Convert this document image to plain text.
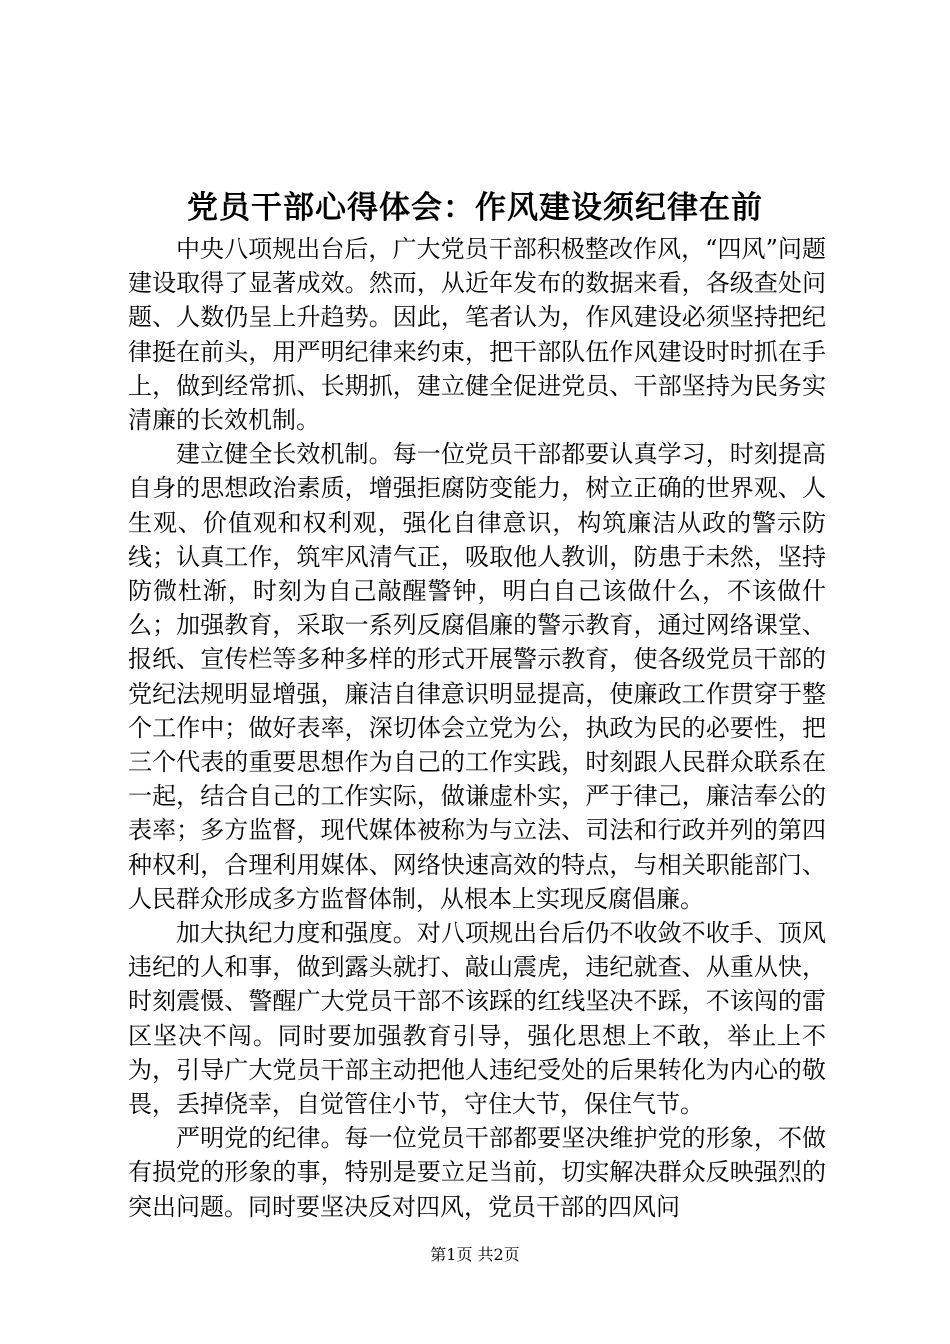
党员干部心得体会：作风建设须纪律在前

中央八项规出台后，广大党员干部积极整改作风，“四风”问题建设取得了显著成效。然而，从近年发布的数据来看，各级查处问题、人数仍呈上升趋势。因此，笔者认为，作风建设必须坚持把纪律挺在前头，用严明纪律来约束，把干部队伍作风建设时时抓在手上，做到经常抓、长期抓，建立健全促进党员、干部坚持为民务实清廉的长效机制。

建立健全长效机制。每一位党员干部都要认真学习，时刻提高自身的思想政治素质，增强拒腐防变能力，树立正确的世界观、人生观、价值观和权利观，强化自律意识，构筑廉洁从政的警示防线；认真工作，筑牢风清气正，吸取他人教训，防患于未然，坚持防微杜渐，时刻为自己敲醒警钟，明白自己该做什么，不该做什么；加强教育，采取一系列反腐倡廉的警示教育，通过网络课堂、报纸、宣传栏等多种多样的形式开展警示教育，使各级党员干部的党纪法规明显增强，廉洁自律意识明显提高，使廉政工作贯穿于整个工作中；做好表率，深切体会立党为公，执政为民的必要性，把三个代表的重要思想作为自己的工作实践，时刻跟人民群众联系在一起，结合自己的工作实际，做谦虚朴实，严于律己，廉洁奉公的表率；多方监督，现代媒体被称为与立法、司法和行政并列的第四种权利，合理利用媒体、网络快速高效的特点，与相关职能部门、人民群众形成多方监督体制，从根本上实现反腐倡廉。

加大执纪力度和强度。对八项规出台后仍不收敛不收手、顶风违纪的人和事，做到露头就打、敲山震虎，违纪就查、从重从快，时刻震慑、警醒广大党员干部不该踩的红线坚决不踩，不该闯的雷区坚决不闯。同时要加强教育引导，强化思想上不敢，举止上不为，引导广大党员干部主动把他人违纪受处的后果转化为内心的敬畏，丢掉侥幸，自觉管住小节，守住大节，保住气节。

严明党的纪律。每一位党员干部都要坚决维护党的形象，不做有损党的形象的事，特别是要立足当前，切实解决群众反映强烈的突出问题。同时要坚决反对四风，党员干部的四风问

第1页 共2页
